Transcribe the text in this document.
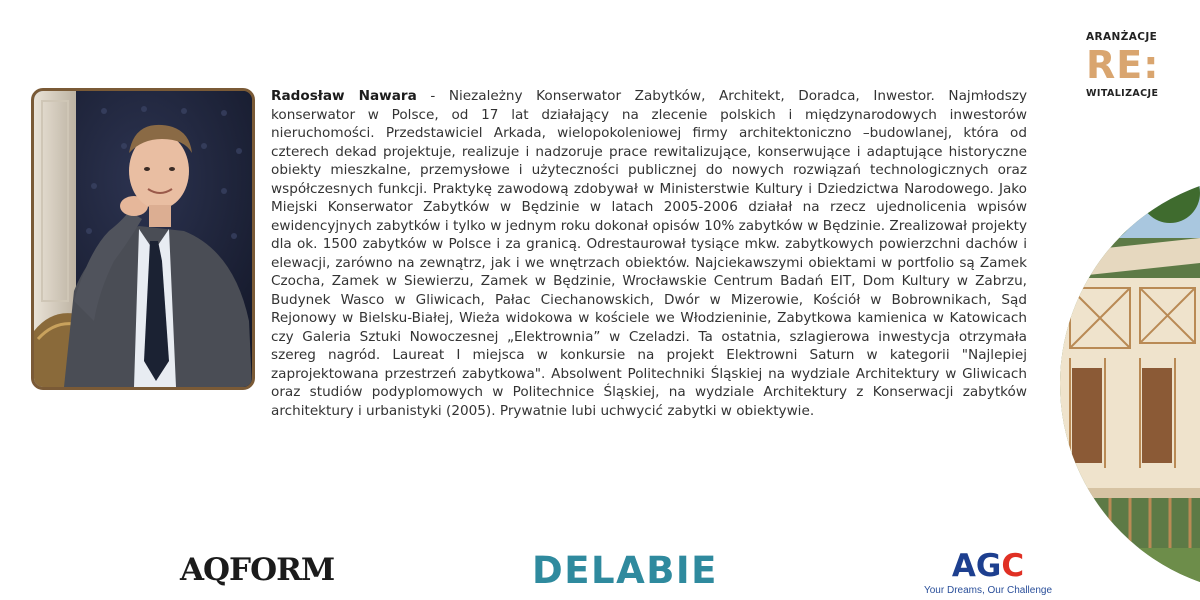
ARANŻACJE
RE:
WITALIZACJE
Radosław Nawara - Niezależny Konserwator Zabytków, Architekt, Doradca, Inwestor. Najmłodszy konserwator w Polsce, od 17 lat działający na zlecenie polskich i międzynarodowych inwestorów nieruchomości. Przedstawiciel Arkada, wielopokoleniowej firmy architektoniczno –budowlanej, która od czterech dekad projektuje, realizuje i nadzoruje prace rewitalizujące, konserwujące i adaptujące historyczne obiekty mieszkalne, przemysłowe i użyteczności publicznej do nowych rozwiązań technologicznych oraz współczesnych funkcji. Praktykę zawodową zdobywał w Ministerstwie Kultury i Dziedzictwa Narodowego. Jako Miejski Konserwator Zabytków w Będzinie w latach 2005-2006 działał na rzecz ujednolicenia wpisów ewidencyjnych zabytków i tylko w jednym roku dokonał opisów 10% zabytków w Będzinie. Zrealizował projekty dla ok. 1500 zabytków w Polsce i za granicą. Odrestaurował tysiące mkw. zabytkowych powierzchni dachów i elewacji, zarówno na zewnątrz, jak i we wnętrzach obiektów. Najciekawszymi obiektami w portfolio są Zamek Czocha, Zamek w Siewierzu, Zamek w Będzinie, Wrocławskie Centrum Badań EIT, Dom Kultury w Zabrzu, Budynek Wasco w Gliwicach, Pałac Ciechanowskich, Dwór w Mizerowie, Kościół w Bobrownikach, Sąd Rejonowy w Bielsku-Białej, Wieża widokowa w kościele we Włodzieninie, Zabytkowa kamienica w Katowicach czy Galeria Sztuki Nowoczesnej „Elektrownia” w Czeladzi. Ta ostatnia, szlagierowa inwestycja otrzymała szereg nagród. Laureat I miejsca w konkursie na projekt Elektrowni Saturn w kategorii "Najlepiej zaprojektowana przestrzeń zabytkowa". Absolwent Politechniki Śląskiej na wydziale Architektury w Gliwicach oraz studiów podyplomowych w Politechnice Śląskiej, na wydziale Architektury z Konserwacji zabytków architektury i urbanistyki (2005). Prywatnie lubi uchwycić zabytki w obiektywie.
AQFORM	DELABIE	AGC
Your Dreams, Our Challenge
